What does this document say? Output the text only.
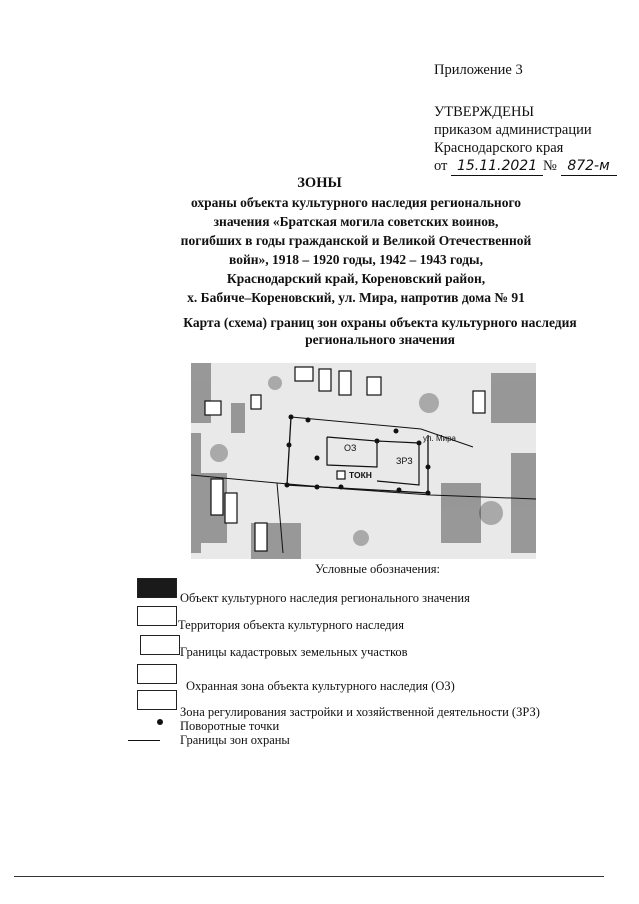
Приложение 3
УТВЕРЖДЕНЫ
приказом администрации
Краснодарского края
от 15.11.2021 № 872-м
ЗОНЫ
охраны объекта культурного наследия регионального
значения «Братская могила советских воинов,
погибших в годы гражданской и Великой Отечественной
войн», 1918 – 1920 годы, 1942 – 1943 годы,
Краснодарский край, Кореновский район,
х. Бабиче–Кореновский, ул. Мира, напротив дома № 91
Карта (схема) границ зон охраны объекта культурного наследия
регионального значения
ОЗ
ЗРЗ
ТОКН
ул. Мира
Условные обозначения:
Объект культурного наследия регионального значения
Территория объекта культурного наследия
Границы кадастровых земельных участков
Охранная зона объекта культурного наследия (ОЗ)
Зона регулирования застройки и хозяйственной деятельности (ЗРЗ)
Поворотные точки
Границы зон охраны
